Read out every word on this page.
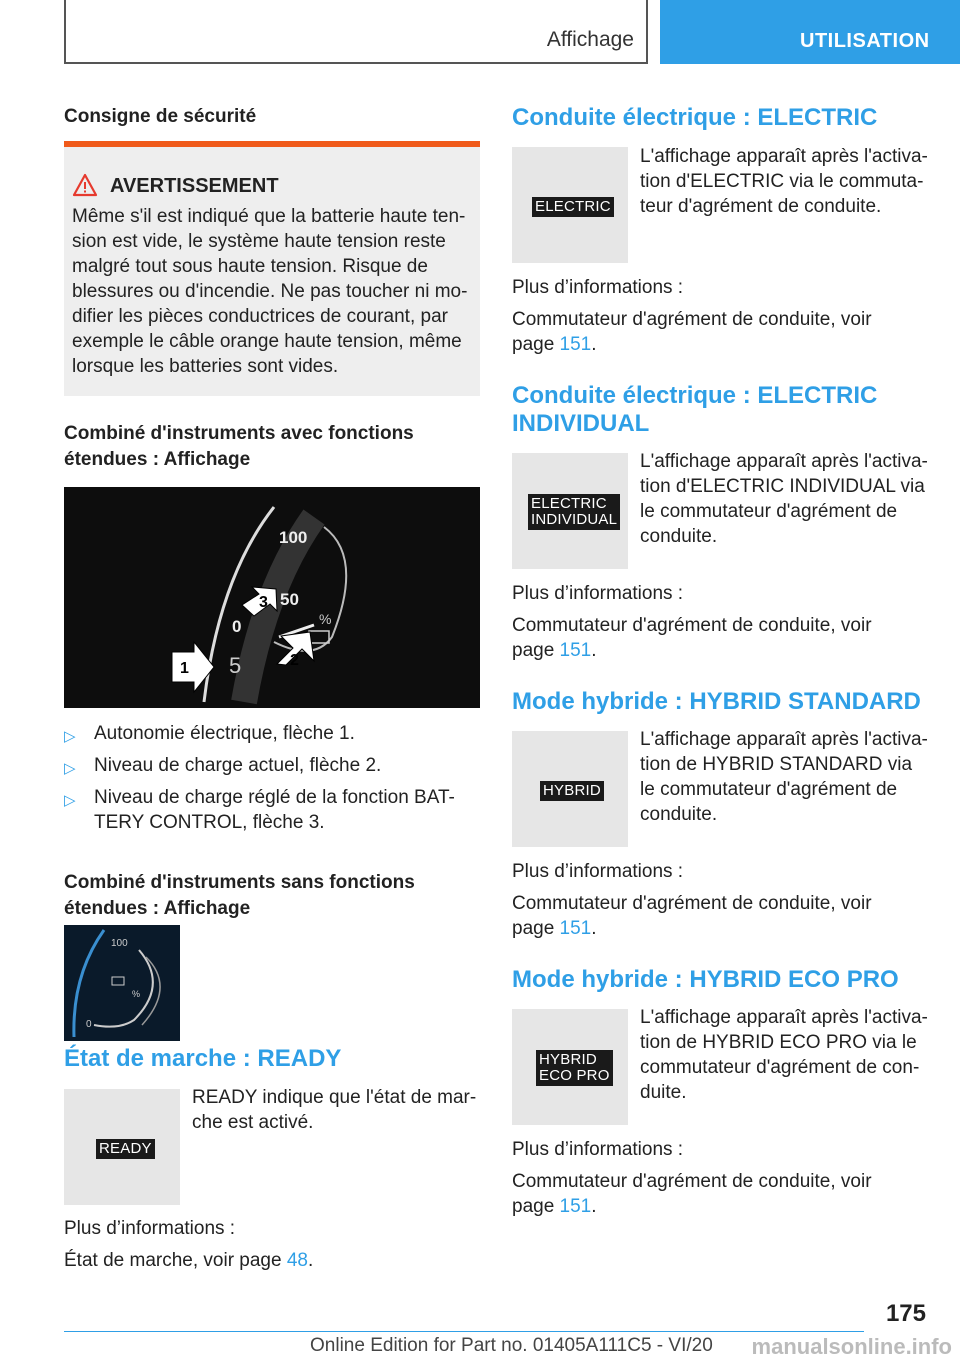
Affichage	UTILISATION
Consigne de sécurité
AVERTISSEMENT
Même s'il est indiqué que la batterie haute ten-
sion est vide, le système haute tension reste
malgré tout sous haute tension. Risque de
blessures ou d'incendie. Ne pas toucher ni mo-
difier les pièces conductrices de courant, par
exemple le câble orange haute tension, même
lorsque les batteries sont vides.
Combiné d'instruments avec fonctions
étendues : Affichage
100
50
0
5
%
1	2
3
▷ Autonomie électrique, flèche 1.
▷ Niveau de charge actuel, flèche 2.
▷ Niveau de charge réglé de la fonction BAT-
TERY CONTROL, flèche 3.
Combiné d'instruments sans fonctions
étendues : Affichage
100
0
%
État de marche : READY
READY
READY indique que l'état de mar-
che est activé.
Plus d’informations :
État de marche, voir page 48.
Conduite électrique : ELECTRIC
ELECTRIC
L'affichage apparaît après l'activa-
tion d'ELECTRIC via le commuta-
teur d'agrément de conduite.
Plus d’informations :
Commutateur d'agrément de conduite, voir
page 151.
Conduite électrique : ELECTRIC
INDIVIDUAL
ELECTRIC
INDIVIDUAL
L'affichage apparaît après l'activa-
tion d'ELECTRIC INDIVIDUAL via
le commutateur d'agrément de
conduite.
Plus d’informations :
Commutateur d'agrément de conduite, voir
page 151.
Mode hybride : HYBRID STANDARD
HYBRID
L'affichage apparaît après l'activa-
tion de HYBRID STANDARD via
le commutateur d'agrément de
conduite.
Plus d’informations :
Commutateur d'agrément de conduite, voir
page 151.
Mode hybride : HYBRID ECO PRO
HYBRID
ECO PRO
L'affichage apparaît après l'activa-
tion de HYBRID ECO PRO via le
commutateur d'agrément de con-
duite.
Plus d’informations :
Commutateur d'agrément de conduite, voir
page 151.
175
Online Edition for Part no. 01405A111C5 - VI/20 manualsonline.info
